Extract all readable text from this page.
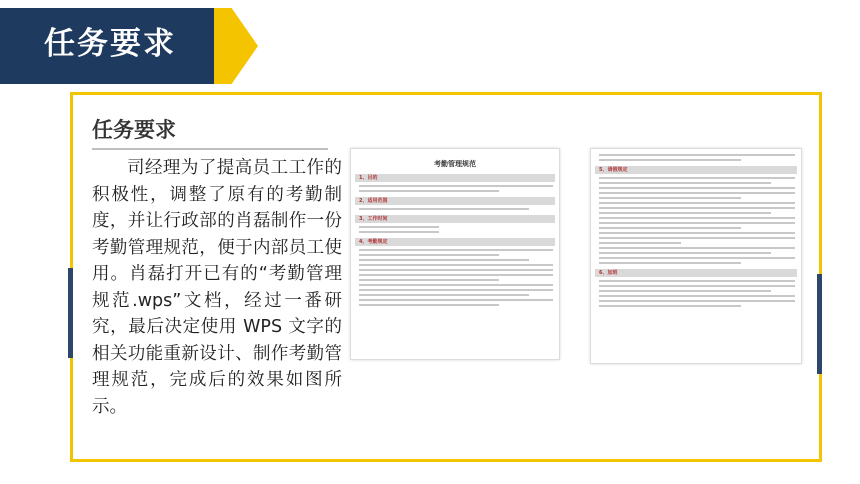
任务要求
任务要求
司经理为了提高员工工作的积极性，调整了原有的考勤制度，并让行政部的肖磊制作一份考勤管理规范，便于内部员工使用。肖磊打开已有的“考勤管理规范.wps”文档，经过一番研究，最后决定使用 WPS 文字的相关功能重新设计、制作考勤管理规范，完成后的效果如图所示。
考勤管理规范
1、目的
2、适用范围
3、工作时间
4、考勤规定
5、请假规定
6、加班
